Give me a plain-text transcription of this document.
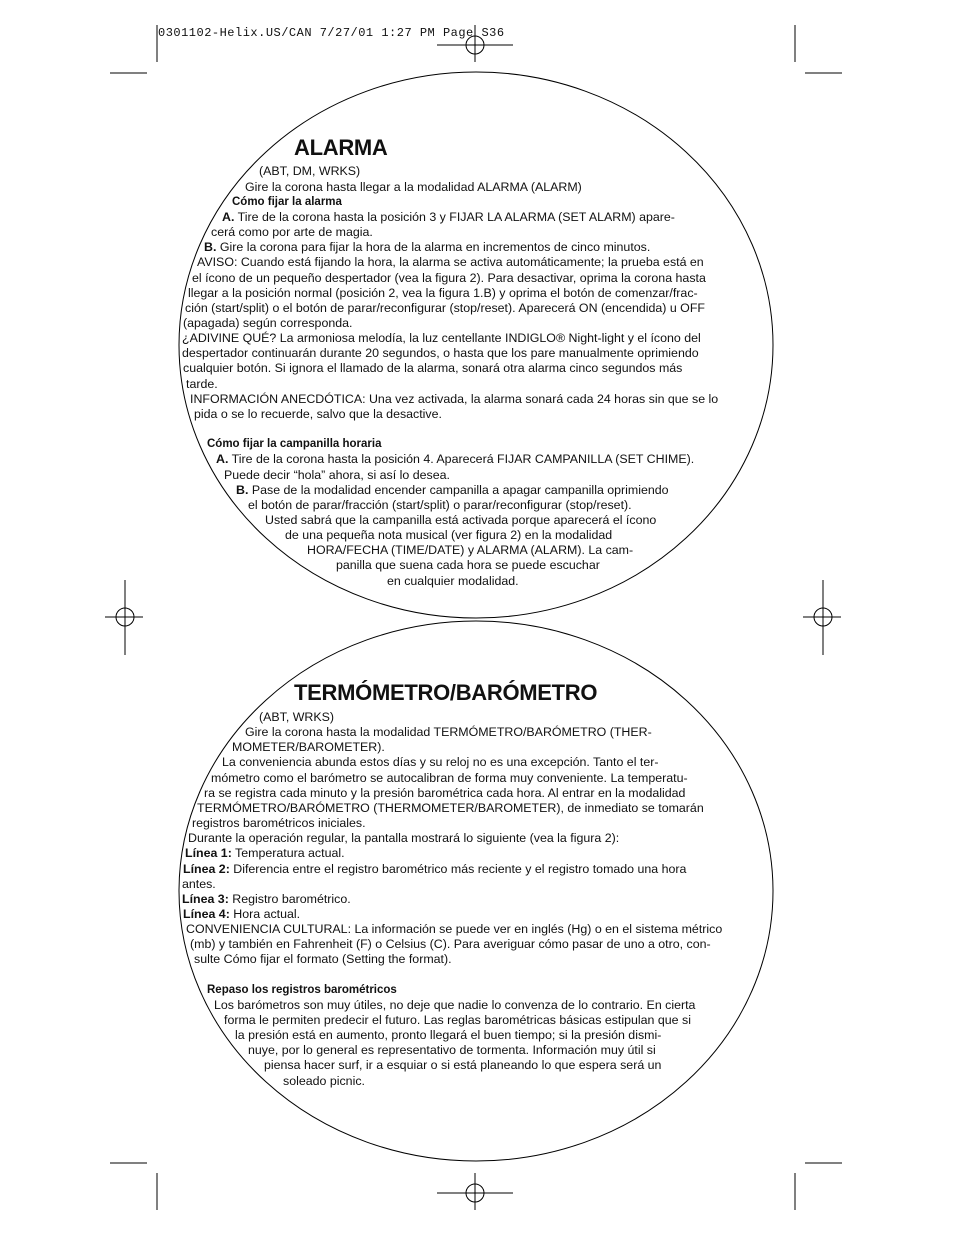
0301102-Helix.US/CAN 7/27/01 1:27 PM Page S36
ALARMA
(ABT, DM, WRKS)
Gire la corona hasta llegar a la modalidad ALARMA (ALARM)
Cómo fijar la alarma
A. Tire de la corona hasta la posición 3 y FIJAR LA ALARMA (SET ALARM) apare-
cerá como por arte de magia.
B. Gire la corona para fijar la hora de la alarma en incrementos de cinco minutos.
AVISO: Cuando está fijando la hora, la alarma se activa automáticamente; la prueba está en
el ícono de un pequeño despertador (vea la figura 2). Para desactivar, oprima la corona hasta
llegar a la posición normal (posición 2, vea la figura 1.B) y oprima el botón de comenzar/frac-
ción (start/split) o el botón de parar/reconfigurar (stop/reset). Aparecerá ON (encendida) u OFF
(apagada) según corresponda.
¿ADIVINE QUÉ? La armoniosa melodía, la luz centellante INDIGLO® Night-light y el ícono del
despertador continuarán durante 20 segundos, o hasta que los pare manualmente oprimiendo
cualquier botón. Si ignora el llamado de la alarma, sonará otra alarma cinco segundos más
tarde.
INFORMACIÓN ANECDÓTICA: Una vez activada, la alarma sonará cada 24 horas sin que se lo
pida o se lo recuerde, salvo que la desactive.
Cómo fijar la campanilla horaria
A. Tire de la corona hasta la posición 4. Aparecerá FIJAR CAMPANILLA (SET CHIME).
Puede decir “hola” ahora, si así lo desea.
B. Pase de la modalidad encender campanilla a apagar campanilla oprimiendo
el botón de parar/fracción (start/split) o parar/reconfigurar (stop/reset).
Usted sabrá que la campanilla está activada porque aparecerá el ícono
de una pequeña nota musical (ver figura 2) en la modalidad
HORA/FECHA (TIME/DATE) y ALARMA (ALARM). La cam-
panilla que suena cada hora se puede escuchar
en cualquier modalidad.
TERMÓMETRO/BARÓMETRO
(ABT, WRKS)
Gire la corona hasta la modalidad TERMÓMETRO/BARÓMETRO (THER-
MOMETER/BAROMETER).
La conveniencia abunda estos días y su reloj no es una excepción. Tanto el ter-
mómetro como el barómetro se autocalibran de forma muy conveniente. La temperatu-
ra se registra cada minuto y la presión barométrica cada hora. Al entrar en la modalidad
TERMÓMETRO/BARÓMETRO (THERMOMETER/BAROMETER), de inmediato se tomarán
registros barométricos iniciales.
Durante la operación regular, la pantalla mostrará lo siguiente (vea la figura 2):
Línea 1: Temperatura actual.
Línea 2: Diferencia entre el registro barométrico más reciente y el registro tomado una hora
antes.
Línea 3: Registro barométrico.
Línea 4: Hora actual.
CONVENIENCIA CULTURAL: La información se puede ver en inglés (Hg) o en el sistema métrico
(mb) y también en Fahrenheit (F) o Celsius (C). Para averiguar cómo pasar de uno a otro, con-
sulte Cómo fijar el formato (Setting the format).
Repaso los registros barométricos
Los barómetros son muy útiles, no deje que nadie lo convenza de lo contrario. En cierta
forma le permiten predecir el futuro. Las reglas barométricas básicas estipulan que si
la presión está en aumento, pronto llegará el buen tiempo; si la presión dismi-
nuye, por lo general es representativo de tormenta. Información muy útil si
piensa hacer surf, ir a esquiar o si está planeando lo que espera será un
soleado picnic.
